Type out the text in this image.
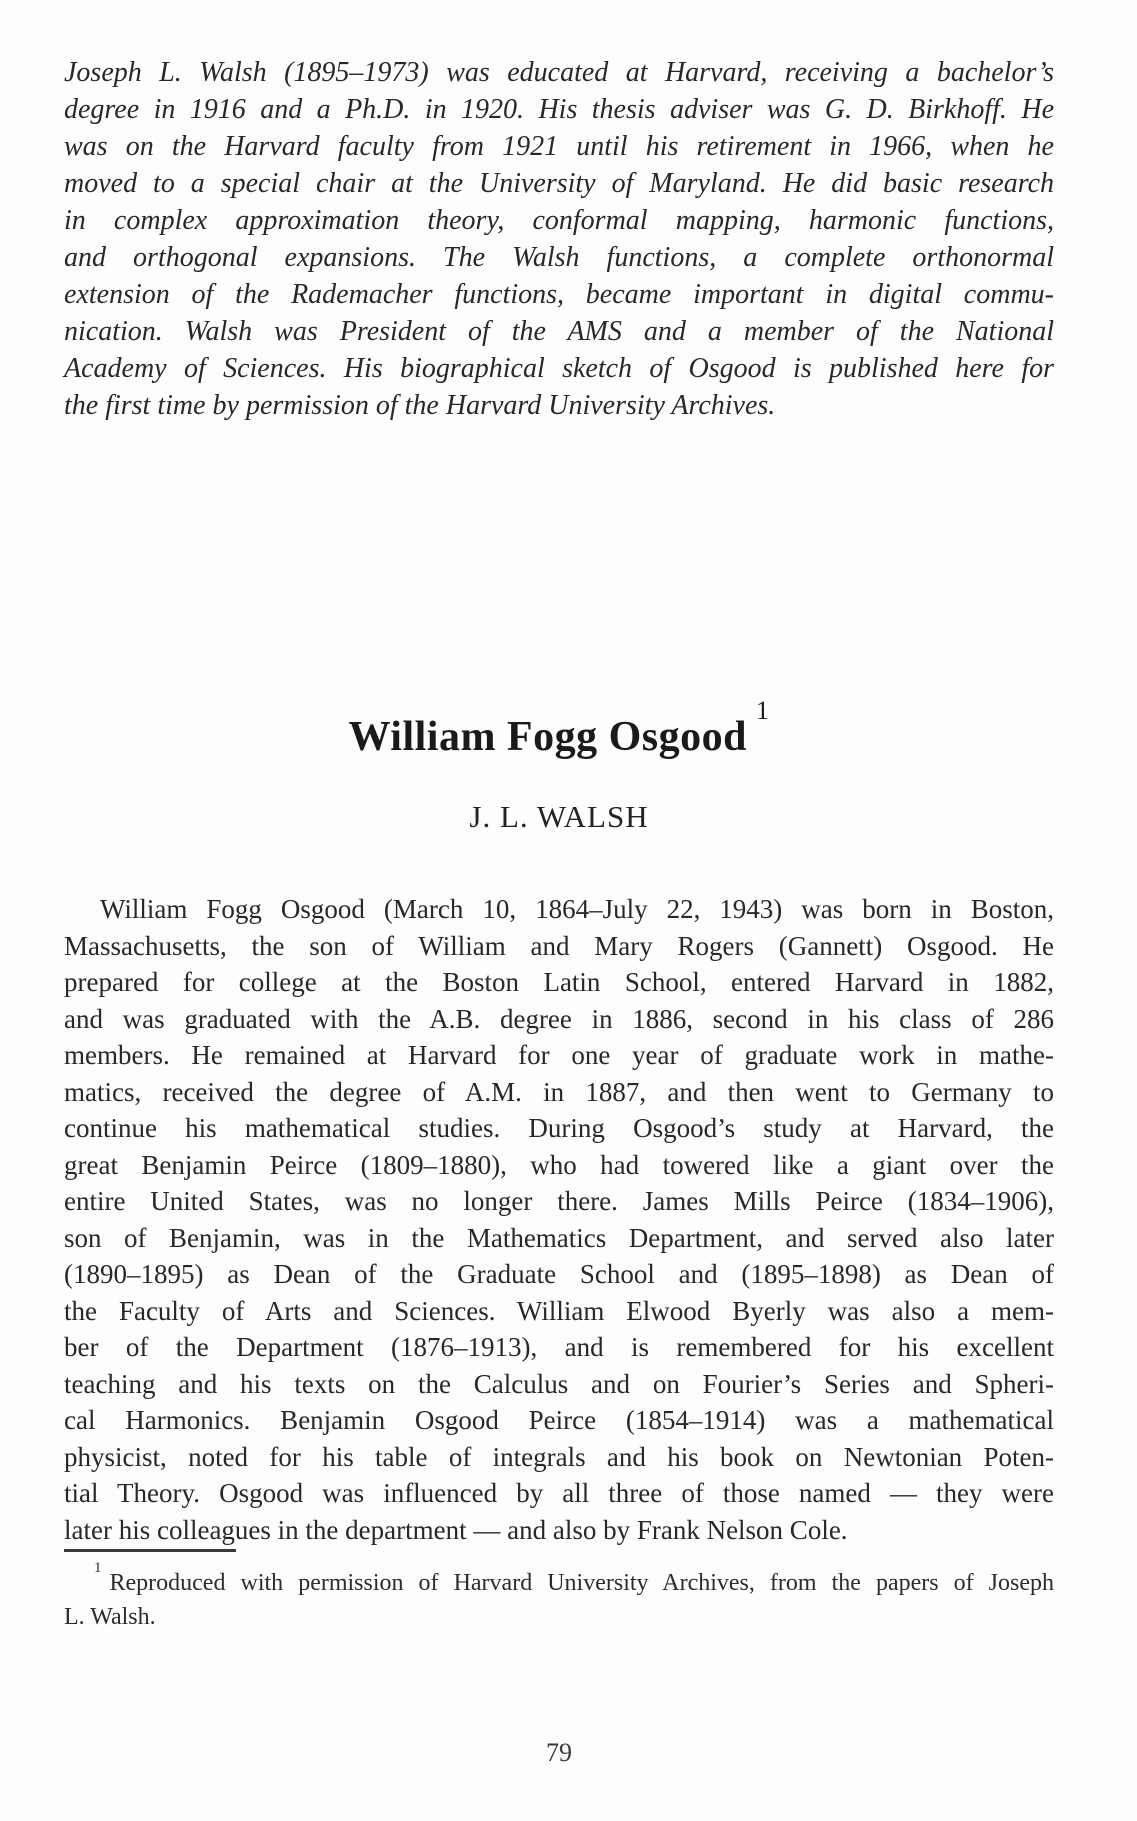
Joseph L. Walsh (1895–1973) was educated at Harvard, receiving a bachelor’s
degree in 1916 and a Ph.D. in 1920. His thesis adviser was G. D. Birkhoff. He
was on the Harvard faculty from 1921 until his retirement in 1966, when he
moved to a special chair at the University of Maryland. He did basic research
in complex approximation theory, conformal mapping, harmonic functions,
and orthogonal expansions. The Walsh functions, a complete orthonormal
extension of the Rademacher functions, became important in digital commu-
nication. Walsh was President of the AMS and a member of the National
Academy of Sciences. His biographical sketch of Osgood is published here for
the first time by permission of the Harvard University Archives.
William Fogg Osgood$^1$
J. L. WALSH
William Fogg Osgood (March 10, 1864–July 22, 1943) was born in Boston,
Massachusetts, the son of William and Mary Rogers (Gannett) Osgood. He
prepared for college at the Boston Latin School, entered Harvard in 1882,
and was graduated with the A.B. degree in 1886, second in his class of 286
members. He remained at Harvard for one year of graduate work in mathe-
matics, received the degree of A.M. in 1887, and then went to Germany to
continue his mathematical studies. During Osgood’s study at Harvard, the
great Benjamin Peirce (1809–1880), who had towered like a giant over the
entire United States, was no longer there. James Mills Peirce (1834–1906),
son of Benjamin, was in the Mathematics Department, and served also later
(1890–1895) as Dean of the Graduate School and (1895–1898) as Dean of
the Faculty of Arts and Sciences. William Elwood Byerly was also a mem-
ber of the Department (1876–1913), and is remembered for his excellent
teaching and his texts on the Calculus and on Fourier’s Series and Spheri-
cal Harmonics. Benjamin Osgood Peirce (1854–1914) was a mathematical
physicist, noted for his table of integrals and his book on Newtonian Poten-
tial Theory. Osgood was influenced by all three of those named — they were
later his colleagues in the department — and also by Frank Nelson Cole.
$^1$Reproduced with permission of Harvard University Archives, from the papers of Joseph
L. Walsh.
79
